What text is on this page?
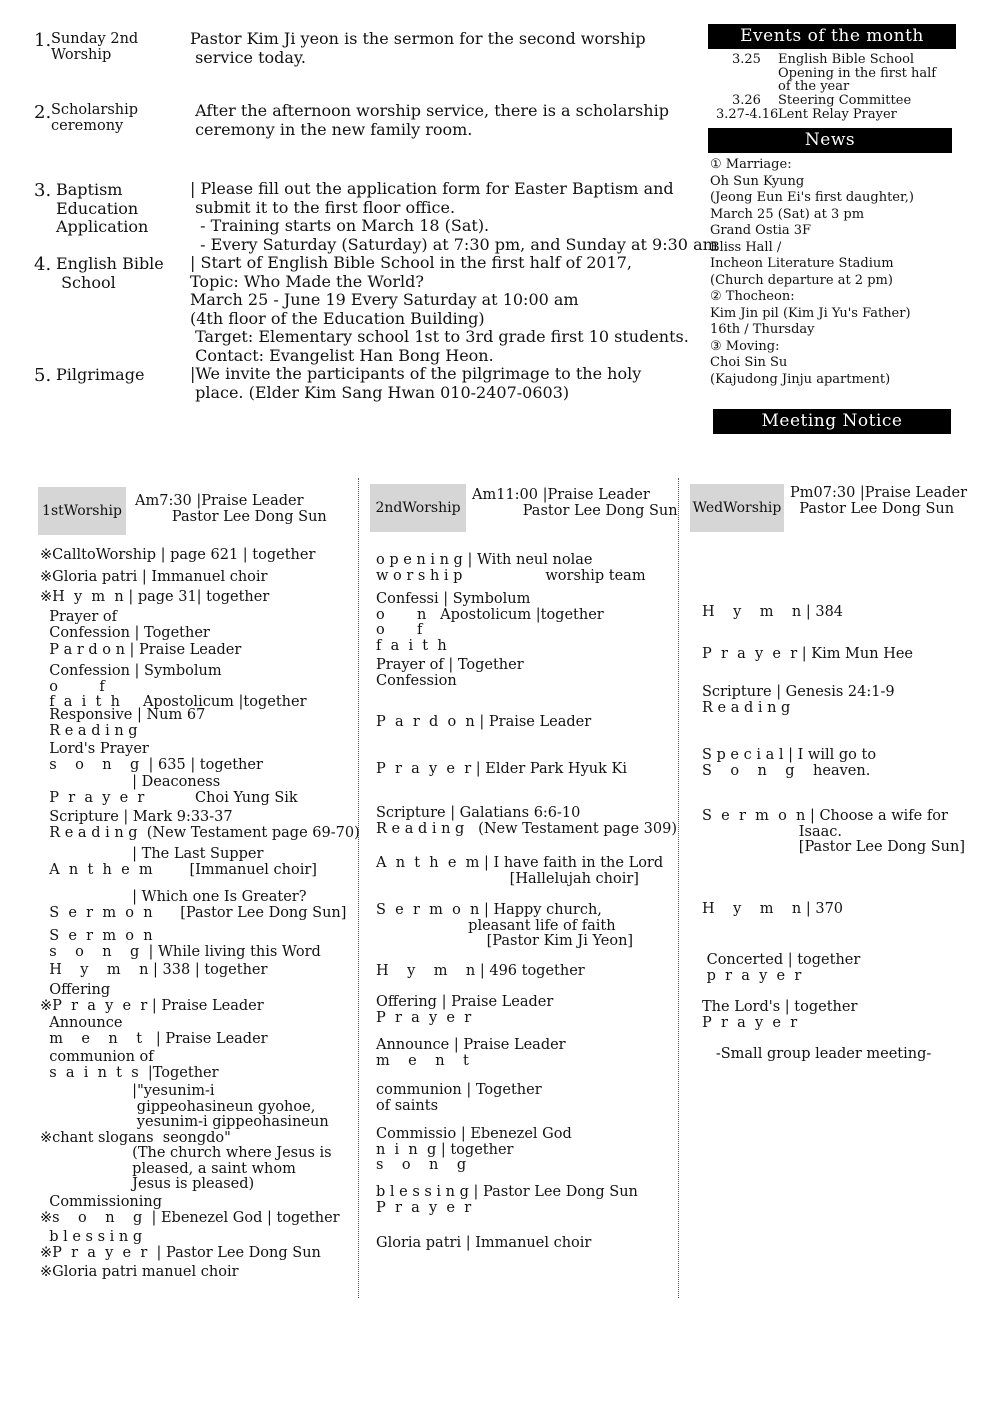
1. Sunday 2nd
Worship
Pastor Kim Ji yeon is the sermon for the second worship
service today.
2. Scholarship
ceremony
After the afternoon worship service, there is a scholarship
ceremony in the new family room.
3. Baptism
Education
Application
| Please fill out the application form for Easter Baptism and
submit it to the first floor office.
- Training starts on March 18 (Sat).
- Every Saturday (Saturday) at 7:30 pm, and Sunday at 9:30 am
4. English Bible
School
| Start of English Bible School in the first half of 2017,
Topic: Who Made the World?
March 25 - June 19 Every Saturday at 10:00 am
(4th floor of the Education Building)
Target: Elementary school 1st to 3rd grade first 10 students.
Contact: Evangelist Han Bong Heon.
5. Pilgrimage	|We invite the participants of the pilgrimage to the holy
place. (Elder Kim Sang Hwan 010-2407-0603)
Events of the month
3.25 English Bible School
Opening in the first half
of the year
3.26 Steering Committee
3.27-4.16 Lent Relay Prayer
News
① Marriage:
Oh Sun Kyung
(Jeong Eun Ei's first daughter,)
March 25 (Sat) at 3 pm
Grand Ostia 3F
Bliss Hall /
Incheon Literature Stadium
(Church departure at 2 pm)
② Thocheon:
Kim Jin pil (Kim Ji Yu's Father)
16th / Thursday
③ Moving:
Choi Sin Su
(Kajudong Jinju apartment)
Meeting Notice
1stWorship
Am7:30 |Praise Leader
Pastor Lee Dong Sun
※CalltoWorship | page 621 | together
※Gloria patri | Immanuel choir
※H  y  m  n | page 31| together
Prayer of
Confession | Together
P a r d o n | Praise Leader
Confession | Symbolum
o         f
f  a  i  t  h     Apostolicum |together
Responsive | Num 67
R e a d i n g
Lord's Prayer
s    o    n    g  | 635 | together
| Deaconess
P  r  a  y  e  r           Choi Yung Sik
Scripture | Mark 9:33-37
R e a d i n g  (New Testament page 69-70)
| The Last Supper
A  n  t  h  e  m        [Immanuel choir]
| Which one Is Greater?
S  e  r  m  o  n      [Pastor Lee Dong Sun]
S  e  r  m  o  n
s    o    n    g  | While living this Word
H    y    m    n | 338 | together
Offering
※P  r  a  y  e  r | Praise Leader
Announce
m    e    n    t   | Praise Leader
communion of
s  a  i  n  t  s  |Together
|"yesunim-i
gippeohasineun gyohoe,
yesunim-i gippeohasineun
※chant slogans  seongdo"
(The church where Jesus is
pleased, a saint whom
Jesus is pleased)
Commissioning
※s    o    n    g  | Ebenezel God | together
b l e s s i n g
※P  r  a  y  e  r  | Pastor Lee Dong Sun
※Gloria patri manuel choir
2ndWorship
Am11:00 |Praise Leader
Pastor Lee Dong Sun
o p e n i n g | With neul nolae
w o r s h i p                  worship team
Confessi | Symbolum
o       n   Apostolicum |together
o       f
f  a  i  t  h
Prayer of | Together
Confession
P  a  r  d  o  n | Praise Leader
P  r  a  y  e  r | Elder Park Hyuk Ki
Scripture | Galatians 6:6-10
R e a d i n g   (New Testament page 309)
A  n  t  h  e  m | I have faith in the Lord
[Hallelujah choir]
S  e  r  m  o  n | Happy church,
pleasant life of faith
[Pastor Kim Ji Yeon]
H    y    m    n | 496 together
Offering | Praise Leader
P  r  a  y  e  r
Announce | Praise Leader
m    e    n    t
communion | Together
of saints
Commissio | Ebenezel God
n  i  n  g | together
s    o    n    g
b l e s s i n g | Pastor Lee Dong Sun
P  r  a  y  e  r
Gloria patri | Immanuel choir
WedWorship
Pm07:30 |Praise Leader
Pastor Lee Dong Sun
H    y    m    n | 384
P  r  a  y  e  r | Kim Mun Hee
Scripture | Genesis 24:1-9
R e a d i n g
S p e c i a l | I will go to
S    o    n    g    heaven.
S  e  r  m  o  n | Choose a wife for
Isaac.
[Pastor Lee Dong Sun]
H    y    m    n | 370
Concerted | together
p  r  a  y  e  r
The Lord's | together
P  r  a  y  e  r
-Small group leader meeting-
